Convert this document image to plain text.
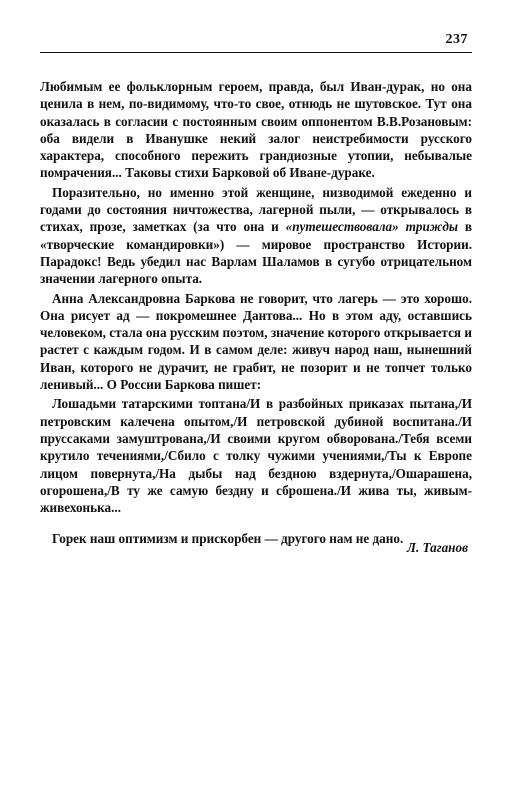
237

Любимым ее фольклорным героем, правда, был Иван-дурак, но она ценила в нем, по-видимому, что-то свое, отнюдь не шутовское. Тут она оказалась в согласии с постоянным своим оппонентом В.В.Розановым: оба видели в Иванушке некий залог неистребимости русского характера, способного пережить грандиозные утопии, небывалые помрачения... Таковы стихи Барковой об Иване-дураке.

Поразительно, но именно этой женщине, низводимой ежеденно и годами до состояния ничтожества, лагерной пыли, — открывалось в стихах, прозе, заметках (за что она и «путешествовала» трижды в «творческие командировки») — мировое пространство Истории. Парадокс! Ведь убедил нас Варлам Шаламов в сугубо отрицательном значении лагерного опыта.

Анна Александровна Баркова не говорит, что лагерь — это хорошо. Она рисует ад — покромешнее Дантова... Но в этом аду, оставшись человеком, стала она русским поэтом, значение которого открывается и растет с каждым годом. И в самом деле: живуч народ наш, нынешний Иван, которого не дурачит, не грабит, не позорит и не топчет только ленивый... О России Баркова пишет:

Лошадьми татарскими топтана/И в разбойных приказах пытана,/И петровским калечена опытом,/И петровской дубиной воспитана./И пруссаками замуштрована,/И своими кругом обворована./Тебя всеми крутило течениями,/Сбило с толку чужими учениями,/Ты к Европе лицом повернута,/На дыбы над бездною вздернута,/Ошарашена, огорошена,/В ту же самую бездну и сброшена./И жива ты, живым-живехонька...

Горек наш оптимизм и прискорбен — другого нам не дано.

Л. Таганов
